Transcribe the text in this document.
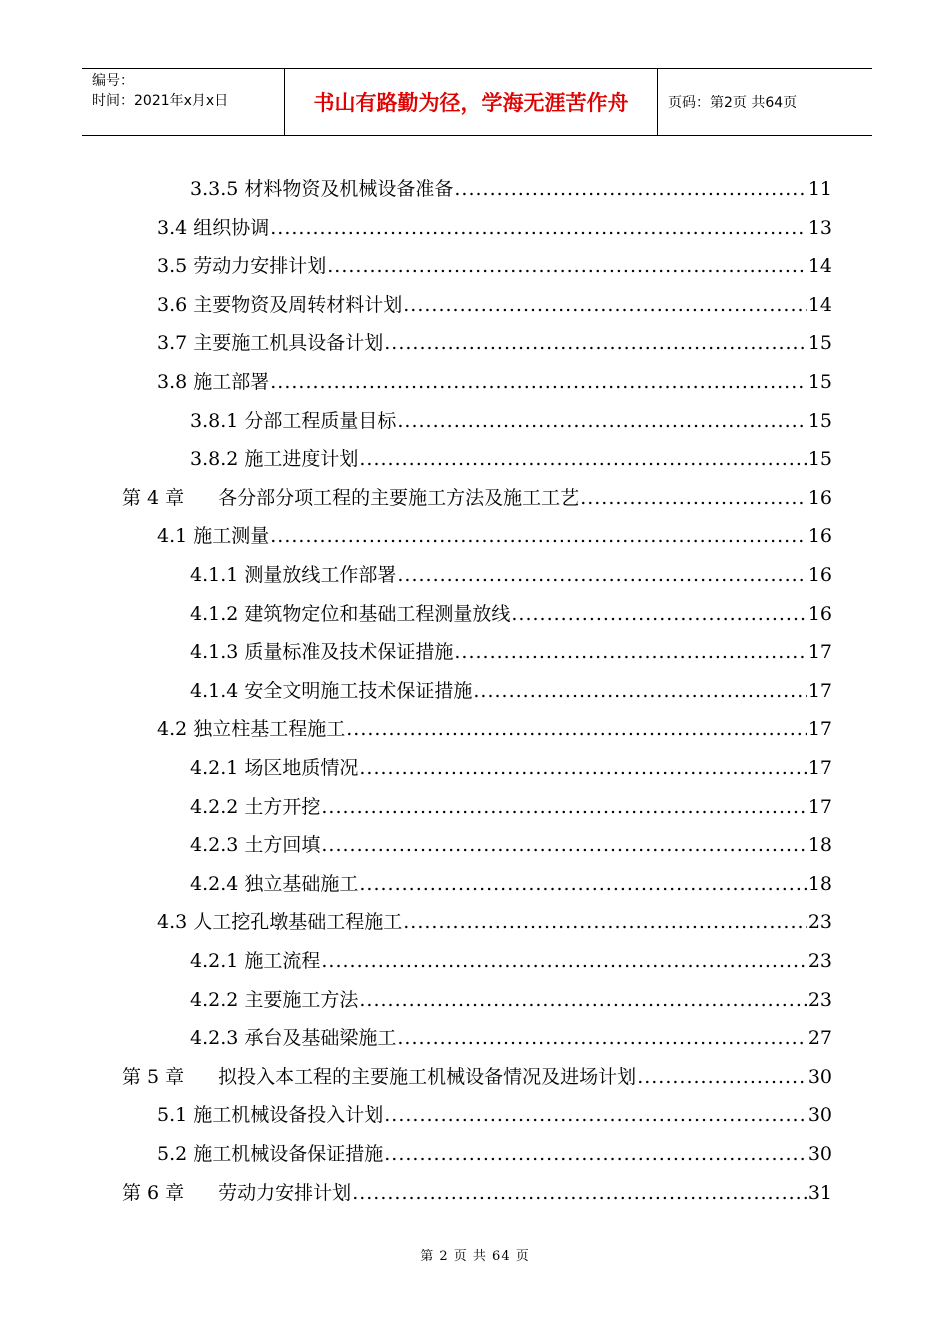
编号：
时间：2021年x月x日	书山有路勤为径，学海无涯苦作舟	页码：第2页 共64页
3.3.5 材料物资及机械设备准备 .....	11
3.4 组织协调 .....	13
3.5 劳动力安排计划 .....	14
3.6 主要物资及周转材料计划 .....	14
3.7 主要施工机具设备计划 .....	15
3.8 施工部署 .....	15
3.8.1 分部工程质量目标 .....	15
3.8.2 施工进度计划 .....	15
第 4 章 各分部分项工程的主要施工方法及施工工艺 .....	16
4.1 施工测量 .....	16
4.1.1 测量放线工作部署 .....	16
4.1.2 建筑物定位和基础工程测量放线 .....	16
4.1.3 质量标准及技术保证措施 .....	17
4.1.4 安全文明施工技术保证措施 .....	17
4.2 独立柱基工程施工 .....	17
4.2.1 场区地质情况 .....	17
4.2.2 土方开挖 .....	17
4.2.3 土方回填 .....	18
4.2.4 独立基础施工 .....	18
4.3 人工挖孔墩基础工程施工 .....	23
4.2.1 施工流程 .....	23
4.2.2 主要施工方法 .....	23
4.2.3 承台及基础梁施工 .....	27
第 5 章 拟投入本工程的主要施工机械设备情况及进场计划 .....	30
5.1 施工机械设备投入计划 .....	30
5.2 施工机械设备保证措施 .....	30
第 6 章 劳动力安排计划 .....	31
第 2 页 共 64 页
